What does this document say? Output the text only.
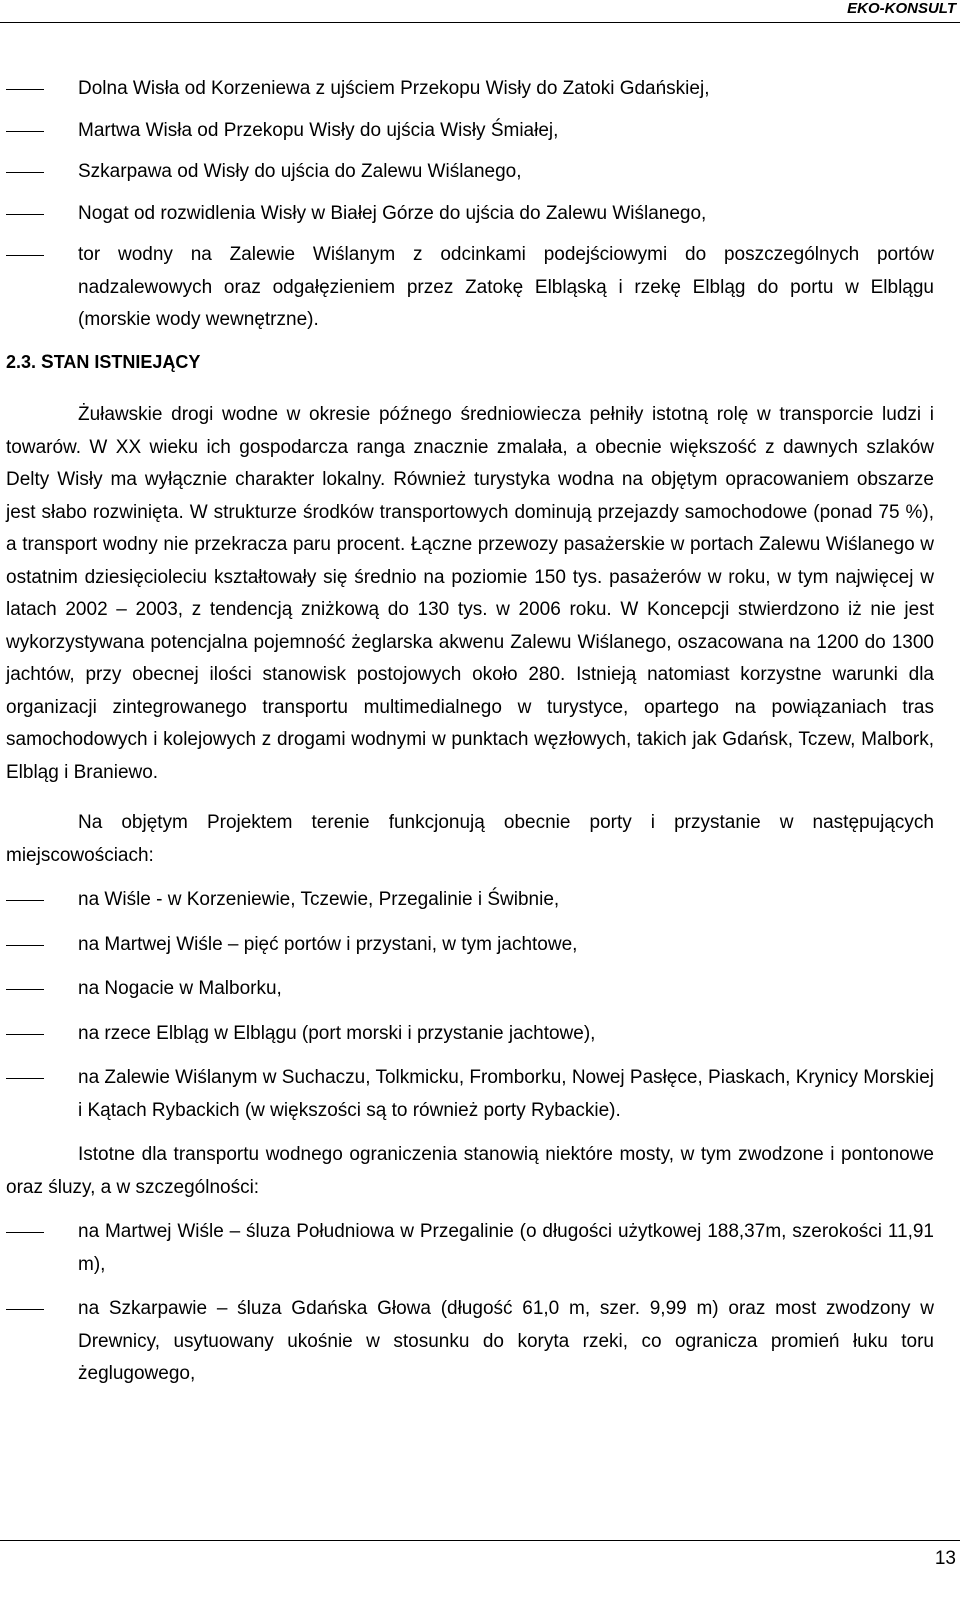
EKO-KONSULT
Dolna Wisła od Korzeniewa z ujściem Przekopu Wisły do Zatoki Gdańskiej,
Martwa Wisła od Przekopu Wisły do ujścia Wisły Śmiałej,
Szkarpawa od Wisły do ujścia do Zalewu Wiślanego,
Nogat od rozwidlenia Wisły w Białej Górze do ujścia do Zalewu Wiślanego,
tor wodny na Zalewie Wiślanym z odcinkami podejściowymi do poszczególnych portów nadzalewowych oraz odgałęzieniem przez Zatokę Elbląską i rzekę Elbląg do portu w Elblągu (morskie wody wewnętrzne).
2.3. STAN ISTNIEJĄCY

Żuławskie drogi wodne w okresie późnego średniowiecza pełniły istotną rolę w transporcie ludzi i towarów. W XX wieku ich gospodarcza ranga znacznie zmalała, a obecnie większość z dawnych szlaków Delty Wisły ma wyłącznie charakter lokalny. Również turystyka wodna na objętym opracowaniem obszarze jest słabo rozwinięta. W strukturze środków transportowych dominują przejazdy samochodowe (ponad 75 %), a transport wodny nie przekracza paru procent. Łączne przewozy pasażerskie w portach Zalewu Wiślanego w ostatnim dziesięcioleciu kształtowały się średnio na poziomie 150 tys. pasażerów w roku, w tym najwięcej w latach 2002 – 2003, z tendencją zniżkową do 130 tys. w 2006 roku. W Koncepcji stwierdzono iż nie jest wykorzystywana potencjalna pojemność żeglarska akwenu Zalewu Wiślanego, oszacowana na 1200 do 1300 jachtów, przy obecnej ilości stanowisk postojowych około 280. Istnieją natomiast korzystne warunki dla organizacji zintegrowanego transportu multimedialnego w turystyce, opartego na powiązaniach tras samochodowych i kolejowych z drogami wodnymi w punktach węzłowych, takich jak Gdańsk, Tczew, Malbork, Elbląg i Braniewo.

Na objętym Projektem terenie funkcjonują obecnie porty i przystanie w następujących miejscowościach:

na Wiśle - w Korzeniewie, Tczewie, Przegalinie i Świbnie,
na Martwej Wiśle – pięć portów i przystani, w tym jachtowe,
na Nogacie w Malborku,
na rzece Elbląg w Elblągu (port morski i przystanie jachtowe),
na Zalewie Wiślanym w Suchaczu, Tolkmicku, Fromborku, Nowej Pasłęce, Piaskach, Krynicy Morskiej i Kątach Rybackich (w większości są to również porty Rybackie).

Istotne dla transportu wodnego ograniczenia stanowią niektóre mosty, w tym zwodzone i pontonowe oraz śluzy, a w szczególności:

na Martwej Wiśle – śluza Południowa w Przegalinie (o długości użytkowej 188,37m, szerokości 11,91 m),
na Szkarpawie – śluza Gdańska Głowa (długość 61,0 m, szer. 9,99 m) oraz most zwodzony w Drewnicy, usytuowany ukośnie w stosunku do koryta rzeki, co ogranicza promień łuku toru żeglugowego,
13
